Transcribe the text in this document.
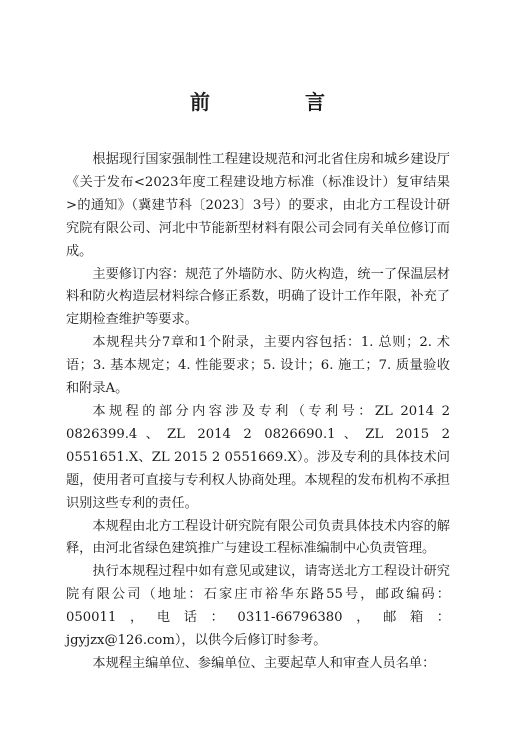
前 言

根据现行国家强制性工程建设规范和河北省住房和城乡建设厅《关于发布<2023年度工程建设地方标准（标准设计）复审结果>的通知》（冀建节科〔2023〕3号）的要求，由北方工程设计研究院有限公司、河北中节能新型材料有限公司会同有关单位修订而成。

主要修订内容：规范了外墙防水、防火构造，统一了保温层材料和防火构造层材料综合修正系数，明确了设计工作年限，补充了定期检查维护等要求。

本规程共分7章和1个附录，主要内容包括：1. 总则；2. 术语；3. 基本规定；4. 性能要求；5. 设计；6. 施工；7. 质量验收和附录A。

本规程的部分内容涉及专利（专利号：ZL 2014 2 0826399.4、ZL 2014 2 0826690.1、ZL 2015 2 0551651.X、ZL 2015 2 0551669.X）。涉及专利的具体技术问题，使用者可直接与专利权人协商处理。本规程的发布机构不承担识别这些专利的责任。

本规程由北方工程设计研究院有限公司负责具体技术内容的解释，由河北省绿色建筑推广与建设工程标准编制中心负责管理。

执行本规程过程中如有意见或建议，请寄送北方工程设计研究院有限公司（地址：石家庄市裕华东路55号，邮政编码：050011，电话：0311-66796380，邮箱：jgyjzx@126.com），以供今后修订时参考。

本规程主编单位、参编单位、主要起草人和审查人员名单：
